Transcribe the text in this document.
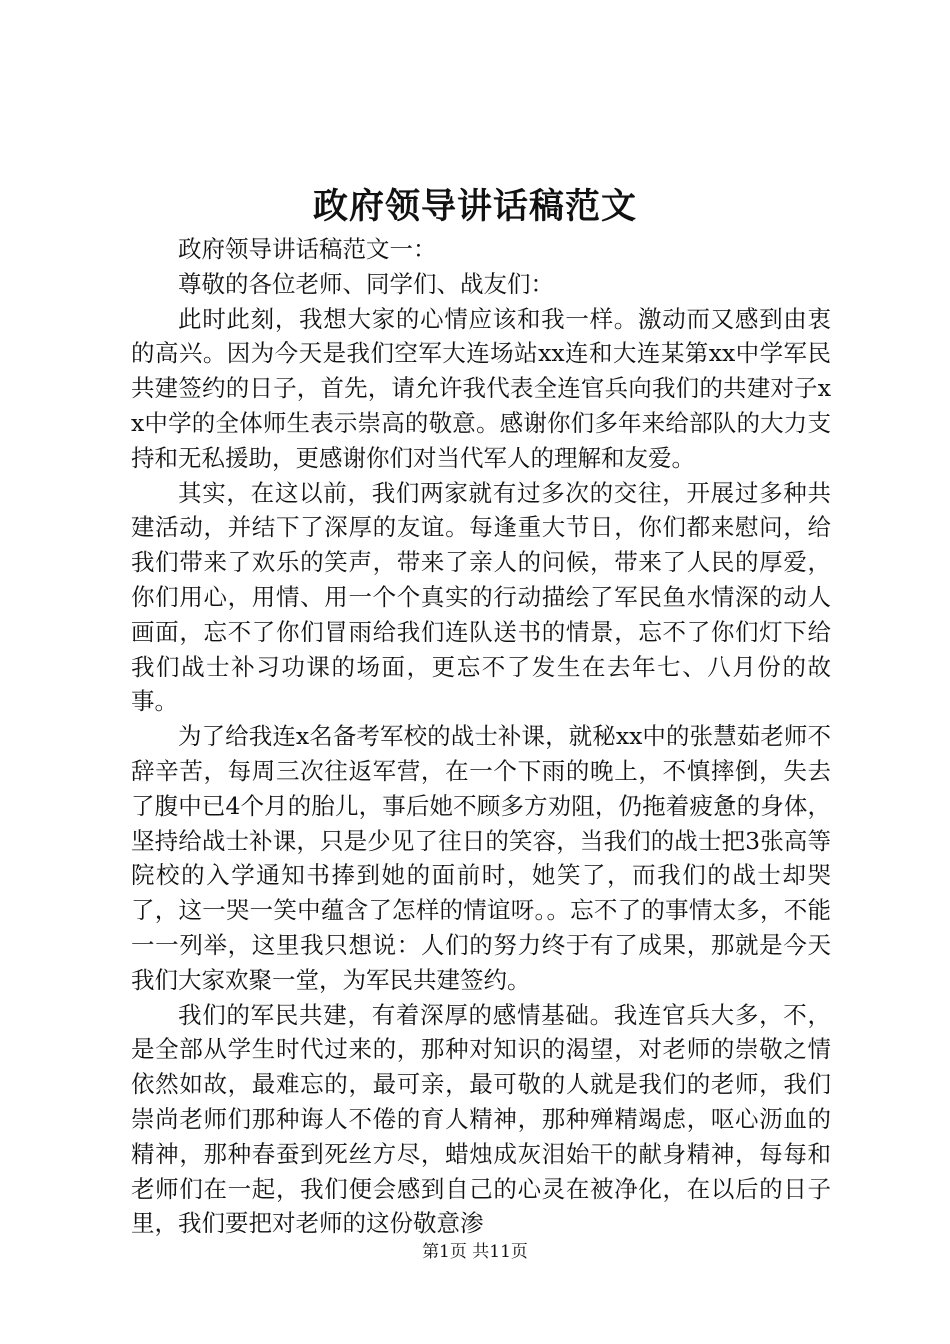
政府领导讲话稿范文

政府领导讲话稿范文一：

尊敬的各位老师、同学们、战友们：

此时此刻，我想大家的心情应该和我一样。激动而又感到由衷的高兴。因为今天是我们空军大连场站xx连和大连某第xx中学军民共建签约的日子，首先，请允许我代表全连官兵向我们的共建对子xx中学的全体师生表示崇高的敬意。感谢你们多年来给部队的大力支持和无私援助，更感谢你们对当代军人的理解和友爱。

其实，在这以前，我们两家就有过多次的交往，开展过多种共建活动，并结下了深厚的友谊。每逢重大节日，你们都来慰问，给我们带来了欢乐的笑声，带来了亲人的问候，带来了人民的厚爱，你们用心，用情、用一个个真实的行动描绘了军民鱼水情深的动人画面，忘不了你们冒雨给我们连队送书的情景，忘不了你们灯下给我们战士补习功课的场面，更忘不了发生在去年七、八月份的故事。

为了给我连x名备考军校的战士补课，就秘xx中的张慧茹老师不辞辛苦，每周三次往返军营，在一个下雨的晚上，不慎摔倒，失去了腹中已4个月的胎儿，事后她不顾多方劝阻，仍拖着疲惫的身体，坚持给战士补课，只是少见了往日的笑容，当我们的战士把3张高等院校的入学通知书捧到她的面前时，她笑了，而我们的战士却哭了，这一哭一笑中蕴含了怎样的情谊呀。。忘不了的事情太多，不能一一列举，这里我只想说：人们的努力终于有了成果，那就是今天我们大家欢聚一堂，为军民共建签约。

我们的军民共建，有着深厚的感情基础。我连官兵大多，不，是全部从学生时代过来的，那种对知识的渴望，对老师的崇敬之情依然如故，最难忘的，最可亲，最可敬的人就是我们的老师，我们崇尚老师们那种诲人不倦的育人精神，那种殚精竭虑，呕心沥血的精神，那种春蚕到死丝方尽，蜡烛成灰泪始干的献身精神，每每和老师们在一起，我们便会感到自己的心灵在被净化，在以后的日子里，我们要把对老师的这份敬意渗

第1页 共11页
